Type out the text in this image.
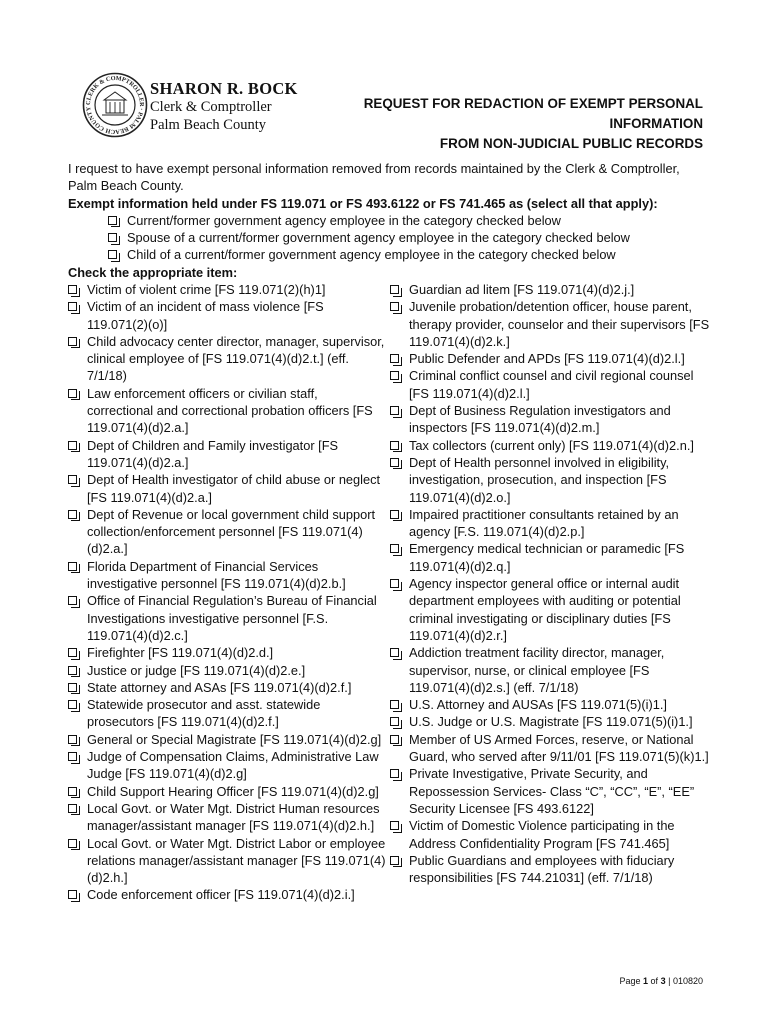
CLERK & COMPTROLLER · PALM BEACH COUNTY
SHARON R. BOCK
Clerk & Comptroller
Palm Beach County
REQUEST FOR REDACTION OF EXEMPT PERSONAL INFORMATION
FROM NON-JUDICIAL PUBLIC RECORDS

I request to have exempt personal information removed from records maintained by the Clerk & Comptroller, Palm Beach County.

Exempt information held under FS 119.071 or FS 493.6122 or FS 741.465 as (select all that apply):

Current/former government agency employee in the category checked below
Spouse of a current/former government agency employee in the category checked below
Child of a current/former government agency employee in the category checked below

Check the appropriate item:

Victim of violent crime [FS 119.071(2)(h)1]
Victim of an incident of mass violence [FS 119.071(2)(o)]
Child advocacy center director, manager, supervisor, clinical employee of [FS 119.071(4)(d)2.t.] (eff. 7/1/18)
Law enforcement officers or civilian staff, correctional and correctional probation officers [FS 119.071(4)(d)2.a.]
Dept of Children and Family investigator [FS 119.071(4)(d)2.a.]
Dept of Health investigator of child abuse or neglect [FS 119.071(4)(d)2.a.]
Dept of Revenue or local government child support collection/enforcement personnel [FS 119.071(4)(d)2.a.]
Florida Department of Financial Services investigative personnel [FS 119.071(4)(d)2.b.]
Office of Financial Regulation’s Bureau of Financial Investigations investigative personnel [F.S. 119.071(4)(d)2.c.]
Firefighter [FS 119.071(4)(d)2.d.]
Justice or judge [FS 119.071(4)(d)2.e.]
State attorney and ASAs [FS 119.071(4)(d)2.f.]
Statewide prosecutor and asst. statewide prosecutors [FS 119.071(4)(d)2.f.]
General or Special Magistrate [FS 119.071(4)(d)2.g]
Judge of Compensation Claims, Administrative Law Judge [FS 119.071(4)(d)2.g]
Child Support Hearing Officer [FS 119.071(4)(d)2.g]
Local Govt. or Water Mgt. District Human resources manager/assistant manager [FS 119.071(4)(d)2.h.]
Local Govt. or Water Mgt. District Labor or employee relations manager/assistant manager [FS 119.071(4)(d)2.h.]
Code enforcement officer [FS 119.071(4)(d)2.i.]
Guardian ad litem [FS 119.071(4)(d)2.j.]
Juvenile probation/detention officer, house parent, therapy provider, counselor and their supervisors [FS 119.071(4)(d)2.k.]
Public Defender and APDs [FS 119.071(4)(d)2.l.]
Criminal conflict counsel and civil regional counsel [FS 119.071(4)(d)2.l.]
Dept of Business Regulation investigators and inspectors [FS 119.071(4)(d)2.m.]
Tax collectors (current only) [FS 119.071(4)(d)2.n.]
Dept of Health personnel involved in eligibility, investigation, prosecution, and inspection [FS 119.071(4)(d)2.o.]
Impaired practitioner consultants retained by an agency [F.S. 119.071(4)(d)2.p.]
Emergency medical technician or paramedic [FS 119.071(4)(d)2.q.]
Agency inspector general office or internal audit department employees with auditing or potential criminal investigating or disciplinary duties [FS 119.071(4)(d)2.r.]
Addiction treatment facility director, manager, supervisor, nurse, or clinical employee [FS 119.071(4)(d)2.s.] (eff. 7/1/18)
U.S. Attorney and AUSAs [FS 119.071(5)(i)1.]
U.S. Judge or U.S. Magistrate [FS 119.071(5)(i)1.]
Member of US Armed Forces, reserve, or National Guard, who served after 9/11/01 [FS 119.071(5)(k)1.]
Private Investigative, Private Security, and Repossession Services- Class “C”, “CC”, “E”, “EE” Security Licensee [FS 493.6122]
Victim of Domestic Violence participating in the Address Confidentiality Program [FS 741.465]
Public Guardians and employees with fiduciary responsibilities [FS 744.21031] (eff. 7/1/18)
Page 1 of 3 | 010820
